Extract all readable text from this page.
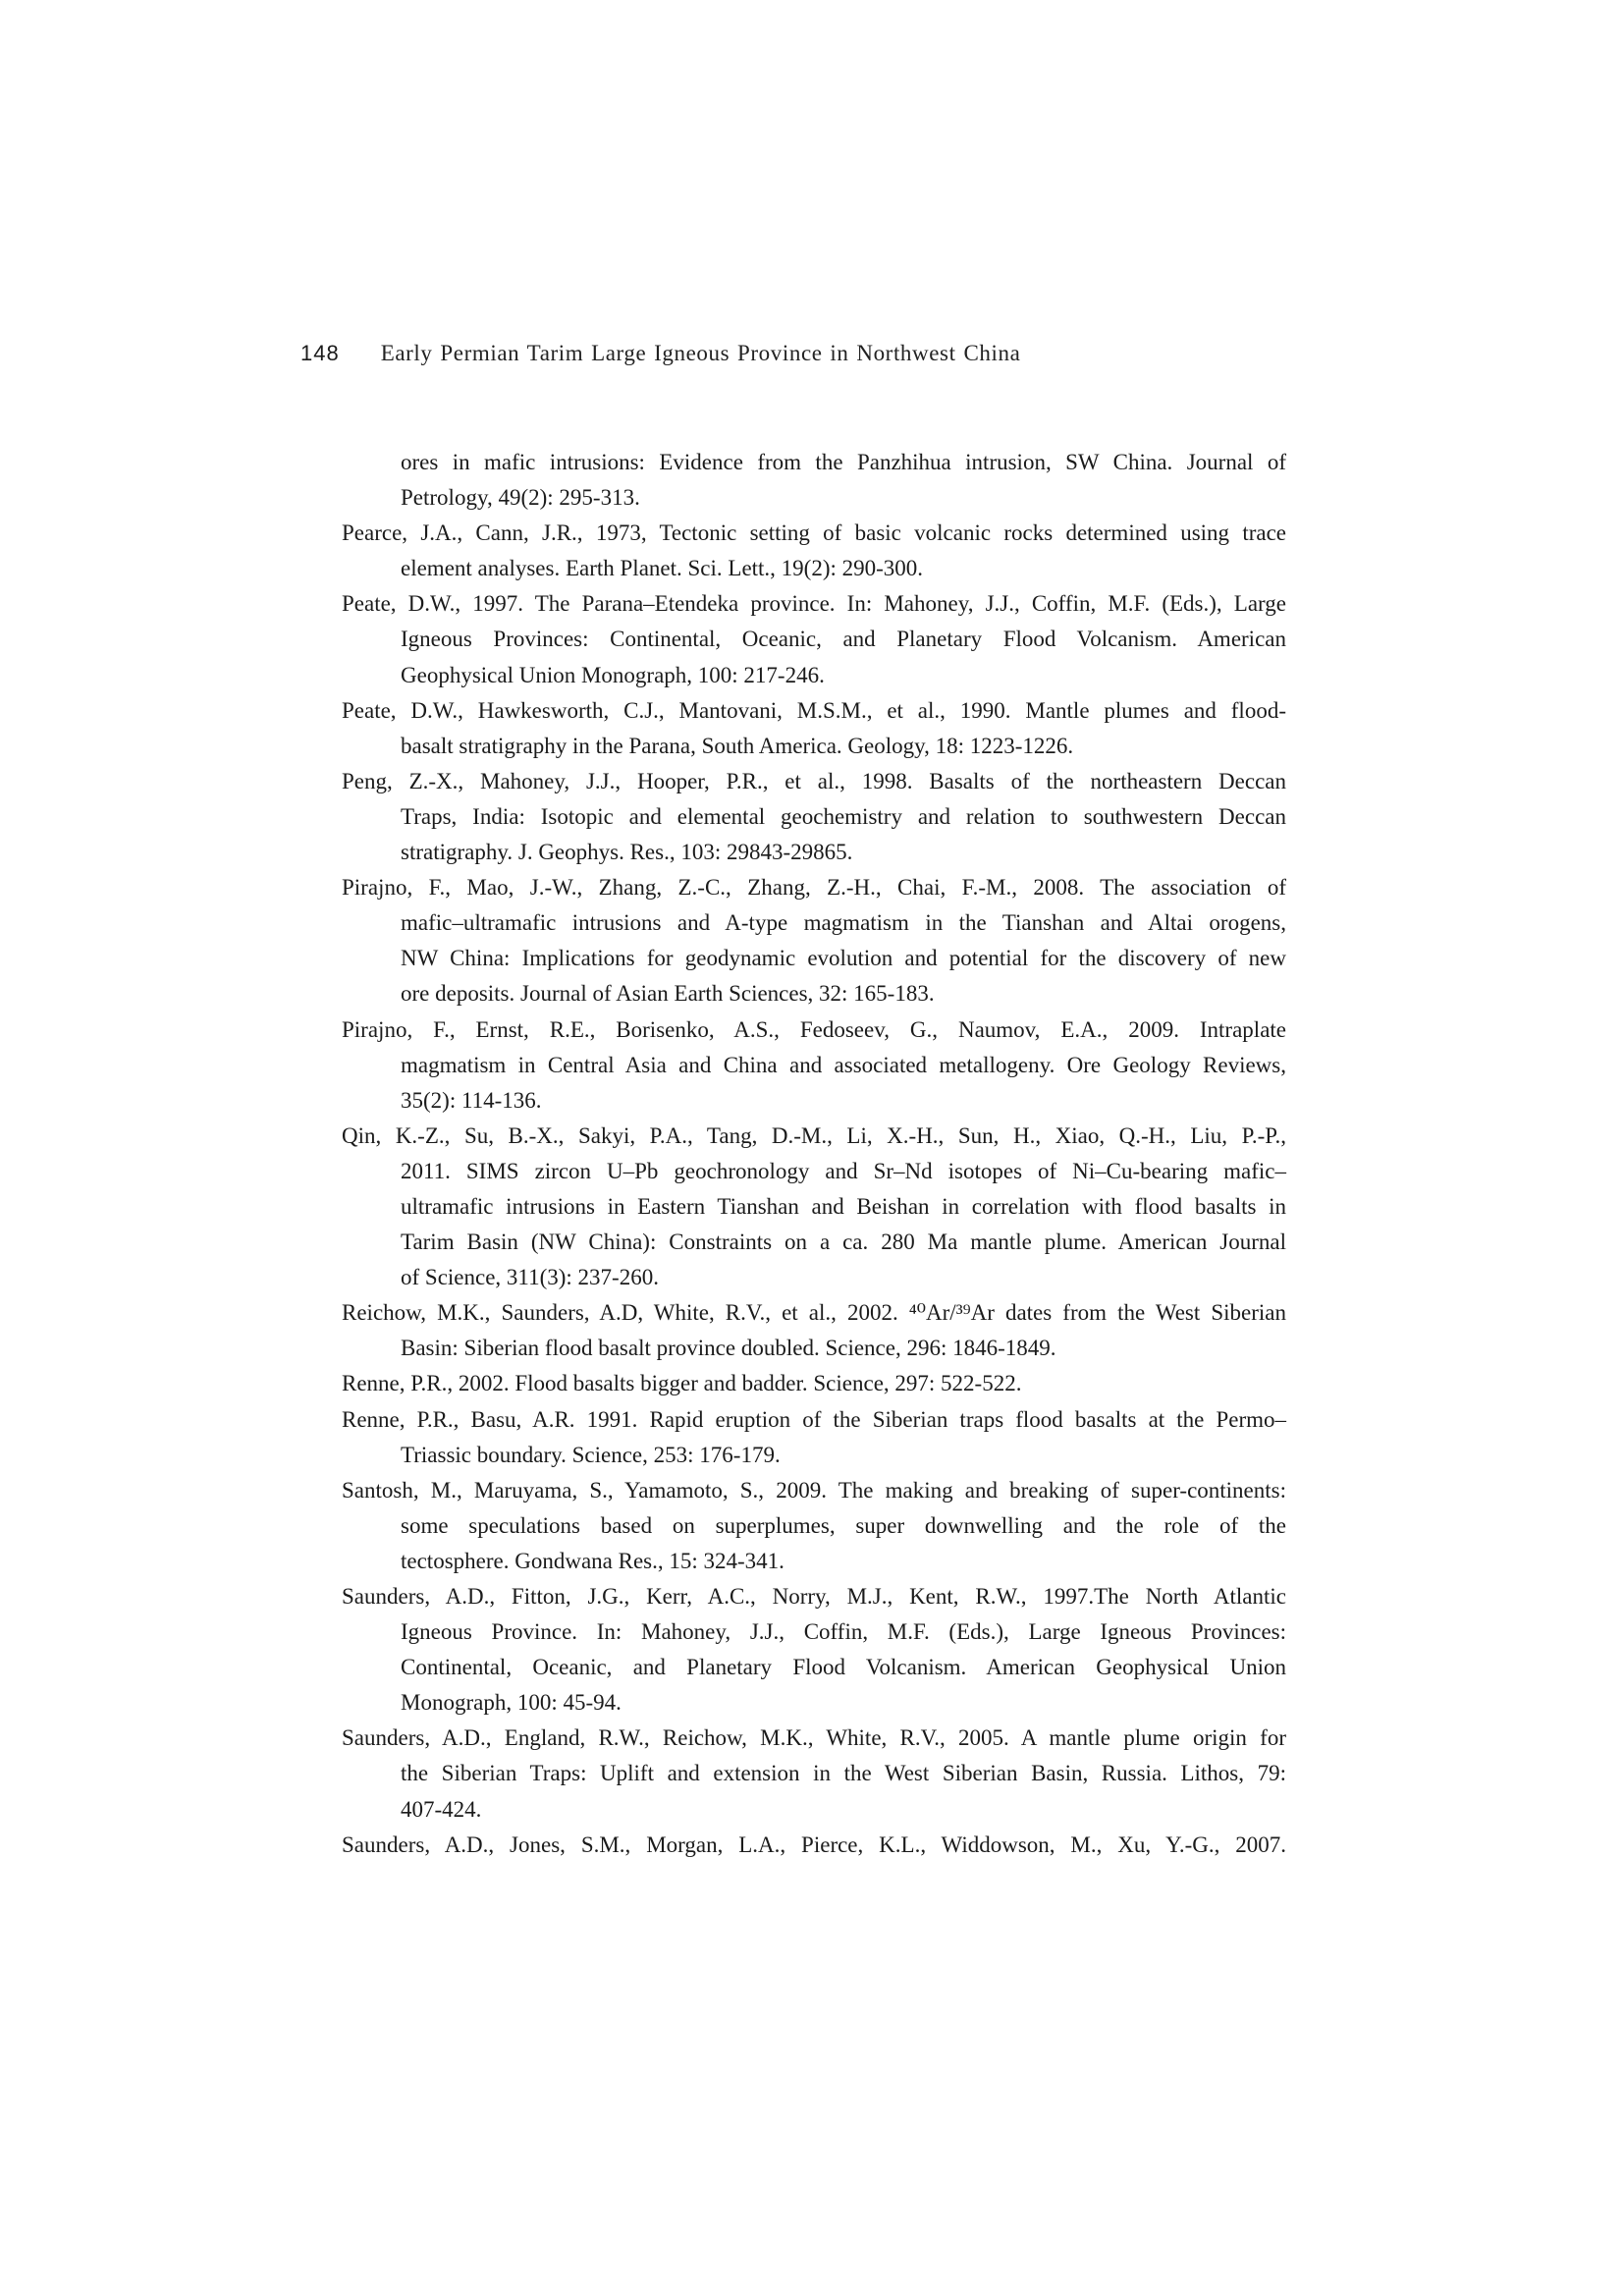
148 Early Permian Tarim Large Igneous Province in Northwest China
ores in mafic intrusions: Evidence from the Panzhihua intrusion, SW China. Journal of
Petrology, 49(2): 295-313.
Pearce, J.A., Cann, J.R., 1973, Tectonic setting of basic volcanic rocks determined using trace
element analyses. Earth Planet. Sci. Lett., 19(2): 290-300.
Peate, D.W., 1997. The Parana–Etendeka province. In: Mahoney, J.J., Coffin, M.F. (Eds.), Large
Igneous Provinces: Continental, Oceanic, and Planetary Flood Volcanism. American
Geophysical Union Monograph, 100: 217-246.
Peate, D.W., Hawkesworth, C.J., Mantovani, M.S.M., et al., 1990. Mantle plumes and flood-
basalt stratigraphy in the Parana, South America. Geology, 18: 1223-1226.
Peng, Z.-X., Mahoney, J.J., Hooper, P.R., et al., 1998. Basalts of the northeastern Deccan
Traps, India: Isotopic and elemental geochemistry and relation to southwestern Deccan
stratigraphy. J. Geophys. Res., 103: 29843-29865.
Pirajno, F., Mao, J.-W., Zhang, Z.-C., Zhang, Z.-H., Chai, F.-M., 2008. The association of
mafic–ultramafic intrusions and A-type magmatism in the Tianshan and Altai orogens,
NW China: Implications for geodynamic evolution and potential for the discovery of new
ore deposits. Journal of Asian Earth Sciences, 32: 165-183.
Pirajno, F., Ernst, R.E., Borisenko, A.S., Fedoseev, G., Naumov, E.A., 2009. Intraplate
magmatism in Central Asia and China and associated metallogeny. Ore Geology Reviews,
35(2): 114-136.
Qin, K.-Z., Su, B.-X., Sakyi, P.A., Tang, D.-M., Li, X.-H., Sun, H., Xiao, Q.-H., Liu, P.-P.,
2011. SIMS zircon U–Pb geochronology and Sr–Nd isotopes of Ni–Cu-bearing mafic–
ultramafic intrusions in Eastern Tianshan and Beishan in correlation with flood basalts in
Tarim Basin (NW China): Constraints on a ca. 280 Ma mantle plume. American Journal
of Science, 311(3): 237-260.
Reichow, M.K., Saunders, A.D, White, R.V., et al., 2002. ⁴⁰Ar/³⁹Ar dates from the West Siberian
Basin: Siberian flood basalt province doubled. Science, 296: 1846-1849.
Renne, P.R., 2002. Flood basalts bigger and badder. Science, 297: 522-522.
Renne, P.R., Basu, A.R. 1991. Rapid eruption of the Siberian traps flood basalts at the Permo–
Triassic boundary. Science, 253: 176-179.
Santosh, M., Maruyama, S., Yamamoto, S., 2009. The making and breaking of super-continents:
some speculations based on superplumes, super downwelling and the role of the
tectosphere. Gondwana Res., 15: 324-341.
Saunders, A.D., Fitton, J.G., Kerr, A.C., Norry, M.J., Kent, R.W., 1997.The North Atlantic
Igneous Province. In: Mahoney, J.J., Coffin, M.F. (Eds.), Large Igneous Provinces:
Continental, Oceanic, and Planetary Flood Volcanism. American Geophysical Union
Monograph, 100: 45-94.
Saunders, A.D., England, R.W., Reichow, M.K., White, R.V., 2005. A mantle plume origin for
the Siberian Traps: Uplift and extension in the West Siberian Basin, Russia. Lithos, 79:
407-424.
Saunders, A.D., Jones, S.M., Morgan, L.A., Pierce, K.L., Widdowson, M., Xu, Y.-G., 2007.
